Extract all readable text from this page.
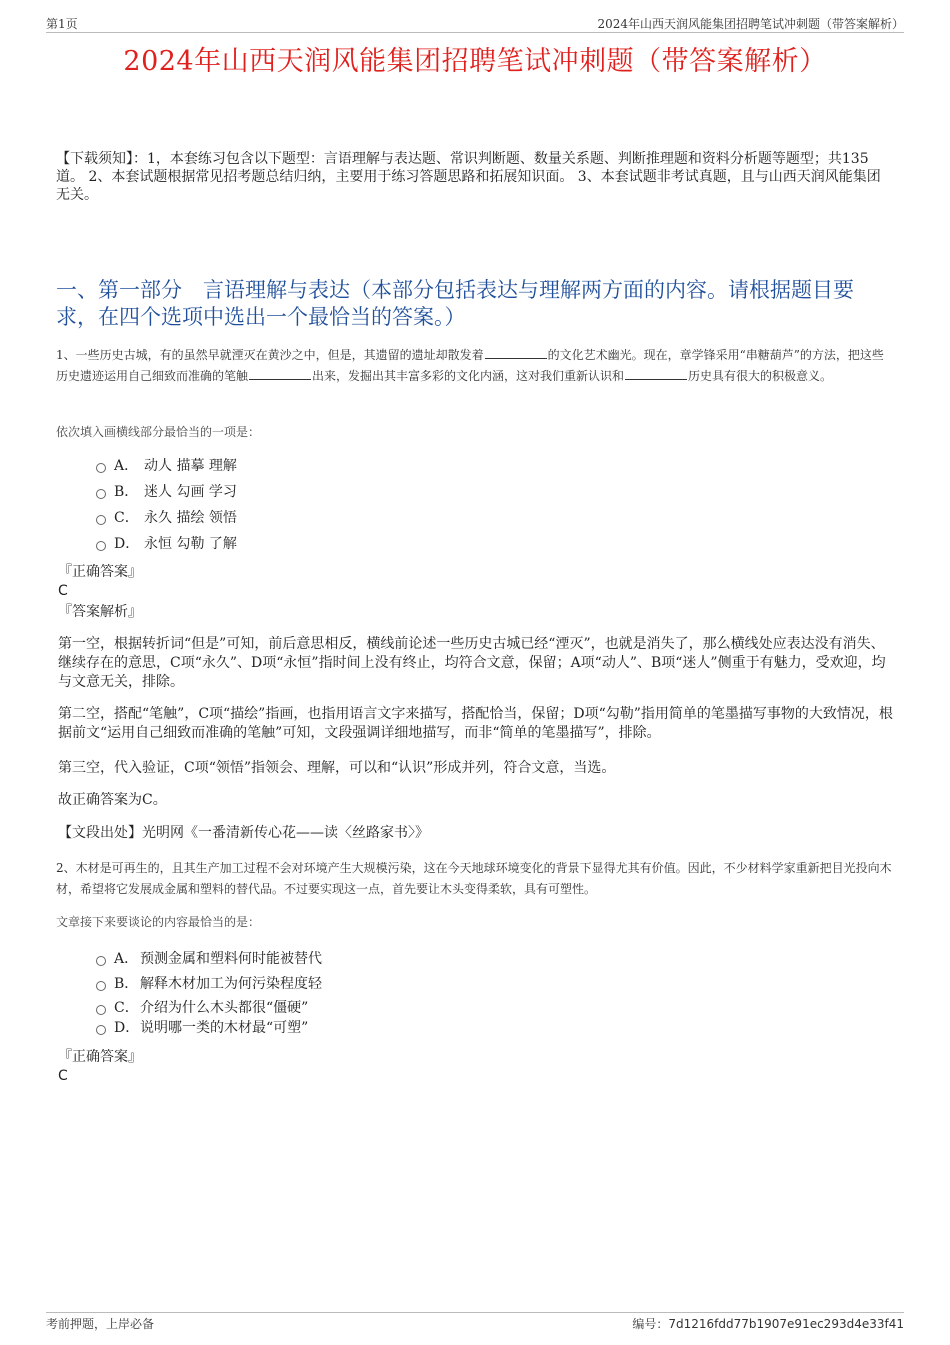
第1页	2024年山西天润风能集团招聘笔试冲刺题（带答案解析）
2024年山西天润风能集团招聘笔试冲刺题（带答案解析）
【下载须知】：1，本套练习包含以下题型：言语理解与表达题、常识判断题、数量关系题、判断推理题和资料分析题等题型；共135道。 2、本套试题根据常见招考题总结归纳，主要用于练习答题思路和拓展知识面。 3、本套试题非考试真题，且与山西天润风能集团无关。
一、第一部分　言语理解与表达（本部分包括表达与理解两方面的内容。请根据题目要求，在四个选项中选出一个最恰当的答案。）
1、一些历史古城，有的虽然早就湮灭在黄沙之中，但是，其遗留的遗址却散发着	的文化艺术幽光。现在，章学锋采用“串糖葫芦”的方法，把这些历史遗迹运用自己细致而准确的笔触	出来，发掘出其丰富多彩的文化内涵，这对我们重新认识和	历史具有很大的积极意义。
依次填入画横线部分最恰当的一项是：
A． 动人 描摹 理解
B． 迷人 勾画 学习
C． 永久 描绘 领悟
D． 永恒 勾勒 了解
『正确答案』
C
『答案解析』
第一空，根据转折词“但是”可知，前后意思相反，横线前论述一些历史古城已经“湮灭”，也就是消失了，那么横线处应表达没有消失、继续存在的意思，C项“永久”、D项“永恒”指时间上没有终止，均符合文意，保留；A项“动人”、B项“迷人”侧重于有魅力，受欢迎，均与文意无关，排除。
第二空，搭配“笔触”，C项“描绘”指画，也指用语言文字来描写，搭配恰当，保留；D项“勾勒”指用简单的笔墨描写事物的大致情况，根据前文“运用自己细致而准确的笔触”可知，文段强调详细地描写，而非“简单的笔墨描写”，排除。
第三空，代入验证，C项“领悟”指领会、理解，可以和“认识”形成并列，符合文意，当选。
故正确答案为C。
【文段出处】光明网《一番清新传心花——读〈丝路家书〉》
2、木材是可再生的，且其生产加工过程不会对环境产生大规模污染，这在今天地球环境变化的背景下显得尤其有价值。因此，不少材料学家重新把目光投向木材，希望将它发展成金属和塑料的替代品。不过要实现这一点，首先要让木头变得柔软，具有可塑性。
文章接下来要谈论的内容最恰当的是：
A． 预测金属和塑料何时能被替代
B． 解释木材加工为何污染程度轻
C． 介绍为什么木头都很“僵硬”
D． 说明哪一类的木材最“可塑”
『正确答案』
C
考前押题，上岸必备	编号：7d1216fdd77b1907e91ec293d4e33f41
